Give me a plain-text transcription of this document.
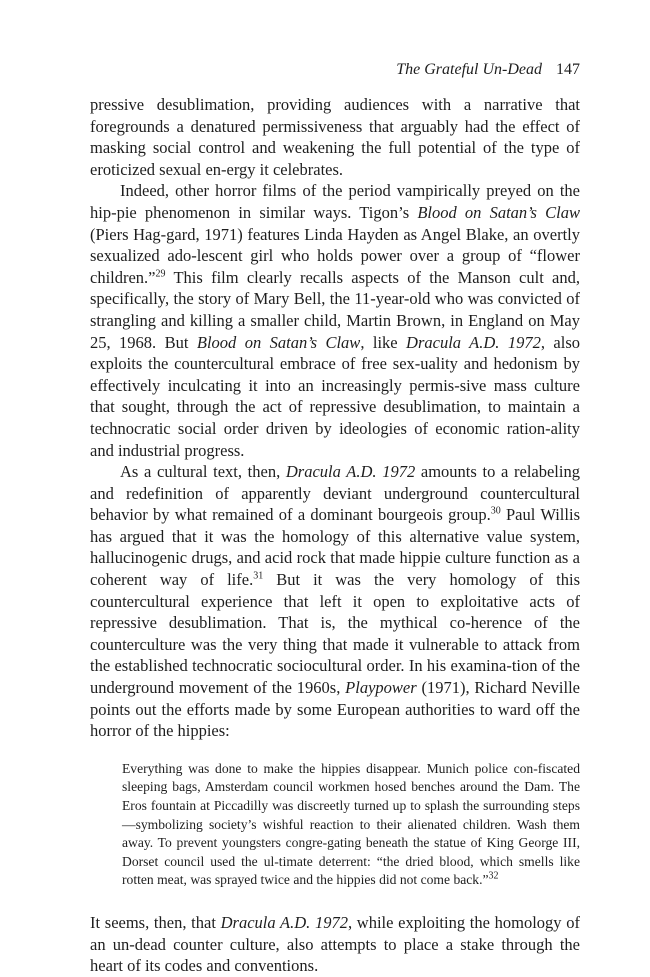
The Grateful Un-Dead 147

pressive desublimation, providing audiences with a narrative that foregrounds a denatured permissiveness that arguably had the effect of masking social control and weakening the full potential of the type of eroticized sexual en-ergy it celebrates.

Indeed, other horror films of the period vampirically preyed on the hip-pie phenomenon in similar ways. Tigon’s Blood on Satan’s Claw (Piers Hag-gard, 1971) features Linda Hayden as Angel Blake, an overtly sexualized ado-lescent girl who holds power over a group of “flower children.”$^{29}$ This film clearly recalls aspects of the Manson cult and, specifically, the story of Mary Bell, the 11-year-old who was convicted of strangling and killing a smaller child, Martin Brown, in England on May 25, 1968. But Blood on Satan’s Claw, like Dracula A.D. 1972, also exploits the countercultural embrace of free sex-uality and hedonism by effectively inculcating it into an increasingly permis-sive mass culture that sought, through the act of repressive desublimation, to maintain a technocratic social order driven by ideologies of economic ration-ality and industrial progress.

As a cultural text, then, Dracula A.D. 1972 amounts to a relabeling and redefinition of apparently deviant underground countercultural behavior by what remained of a dominant bourgeois group.$^{30}$ Paul Willis has argued that it was the homology of this alternative value system, hallucinogenic drugs, and acid rock that made hippie culture function as a coherent way of life.$^{31}$ But it was the very homology of this countercultural experience that left it open to exploitative acts of repressive desublimation. That is, the mythical co-herence of the counterculture was the very thing that made it vulnerable to attack from the established technocratic sociocultural order. In his examina-tion of the underground movement of the 1960s, Playpower (1971), Richard Neville points out the efforts made by some European authorities to ward off the horror of the hippies:

Everything was done to make the hippies disappear. Munich police con-fiscated sleeping bags, Amsterdam council workmen hosed benches around the Dam. The Eros fountain at Piccadilly was discreetly turned up to splash the surrounding steps—symbolizing society’s wishful reaction to their alienated children. Wash them away. To prevent youngsters congre-gating beneath the statue of King George III, Dorset council used the ul-timate deterrent: “the dried blood, which smells like rotten meat, was sprayed twice and the hippies did not come back.”$^{32}$

It seems, then, that Dracula A.D. 1972, while exploiting the homology of an un-dead counter culture, also attempts to place a stake through the heart of its codes and conventions.
